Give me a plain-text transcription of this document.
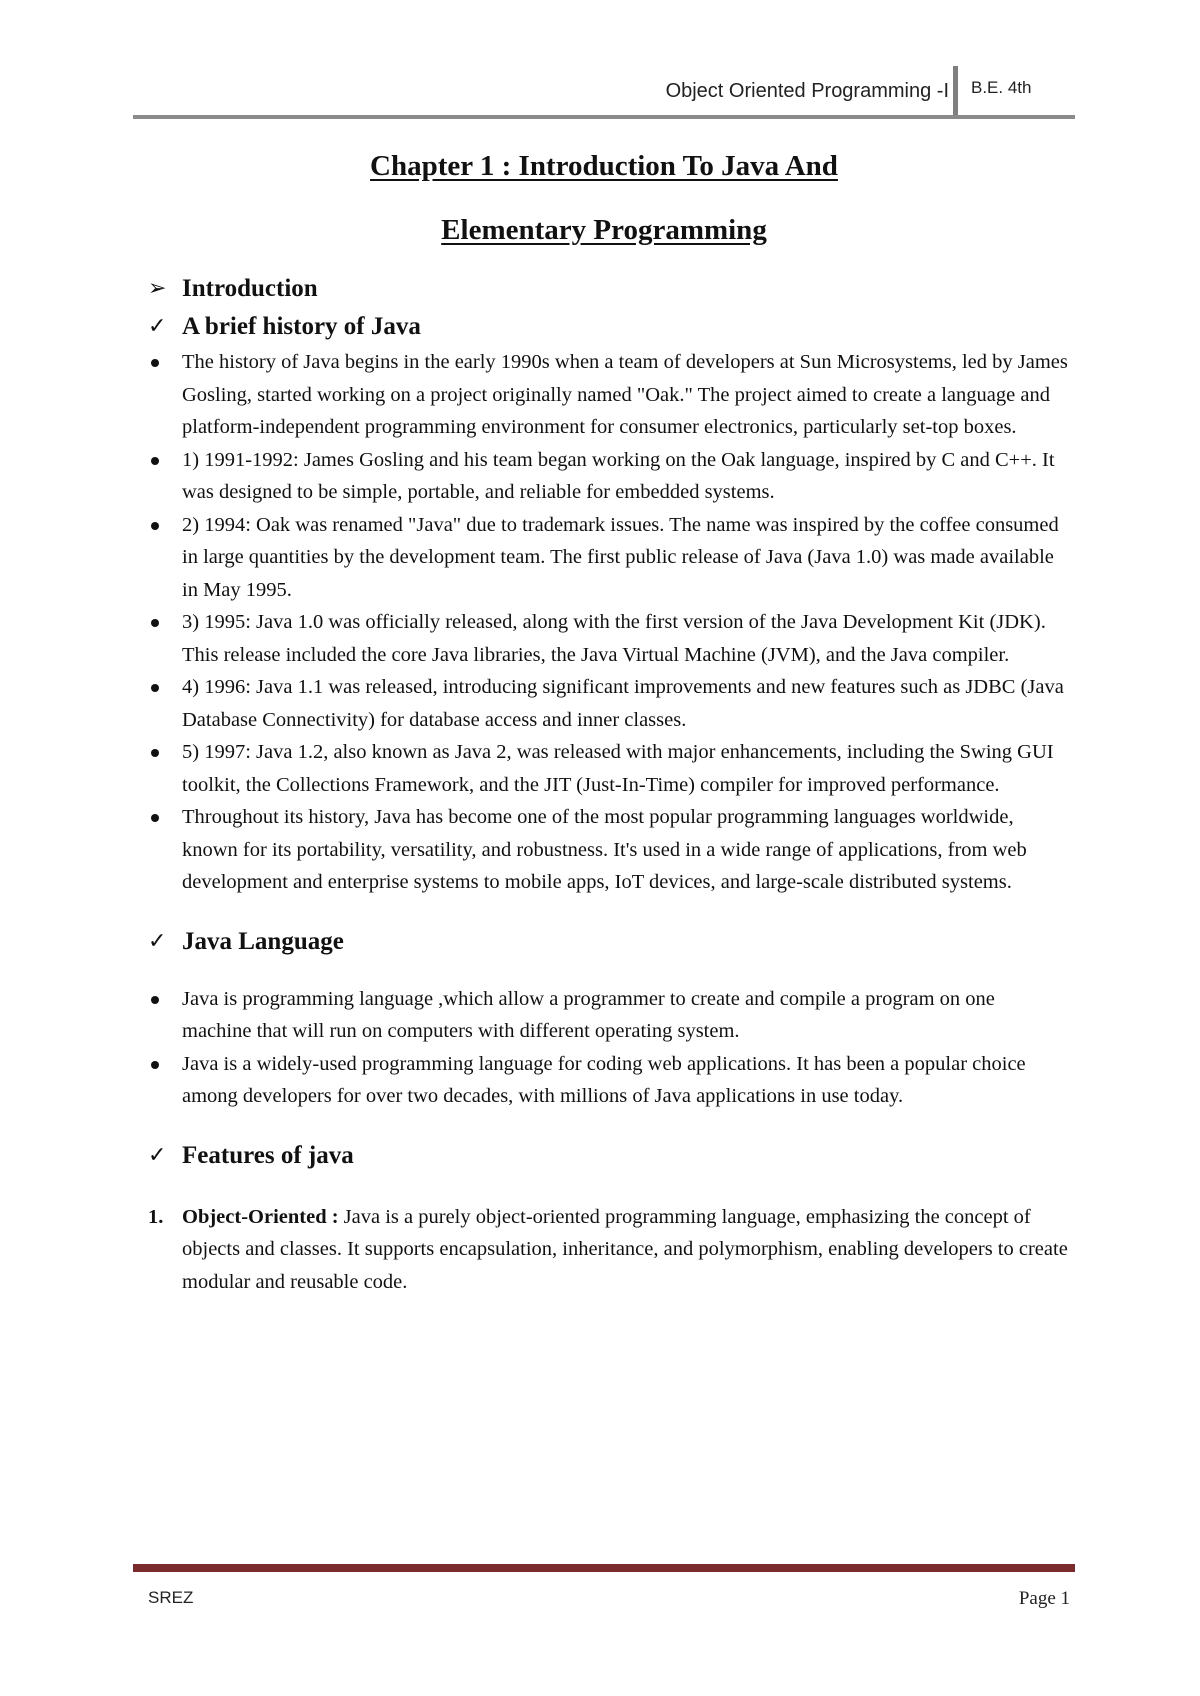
Object Oriented Programming -I B.E. 4th
Chapter 1 : Introduction To Java And
Elementary Programming
➢ Introduction
✓ A brief history of Java
The history of Java begins in the early 1990s when a team of developers at Sun Microsystems, led by James Gosling, started working on a project originally named "Oak." The project aimed to create a language and platform-independent programming environment for consumer electronics, particularly set-top boxes.
1) 1991-1992: James Gosling and his team began working on the Oak language, inspired by C and C++. It was designed to be simple, portable, and reliable for embedded systems.
2) 1994: Oak was renamed "Java" due to trademark issues. The name was inspired by the coffee consumed in large quantities by the development team. The first public release of Java (Java 1.0) was made available in May 1995.
3) 1995: Java 1.0 was officially released, along with the first version of the Java Development Kit (JDK). This release included the core Java libraries, the Java Virtual Machine (JVM), and the Java compiler.
4) 1996: Java 1.1 was released, introducing significant improvements and new features such as JDBC (Java Database Connectivity) for database access and inner classes.
5) 1997: Java 1.2, also known as Java 2, was released with major enhancements, including the Swing GUI toolkit, the Collections Framework, and the JIT (Just-In-Time) compiler for improved performance.
Throughout its history, Java has become one of the most popular programming languages worldwide, known for its portability, versatility, and robustness. It's used in a wide range of applications, from web development and enterprise systems to mobile apps, IoT devices, and large-scale distributed systems.
✓ Java Language
Java is programming language ,which allow a programmer to create and compile a program on one machine that will run on computers with different operating system.
Java is a widely-used programming language for coding web applications. It has been a popular choice among developers for over two decades, with millions of Java applications in use today.
✓ Features of java
1. Object-Oriented : Java is a purely object-oriented programming language, emphasizing the concept of objects and classes. It supports encapsulation, inheritance, and polymorphism, enabling developers to create modular and reusable code.
SREZ	Page 1
